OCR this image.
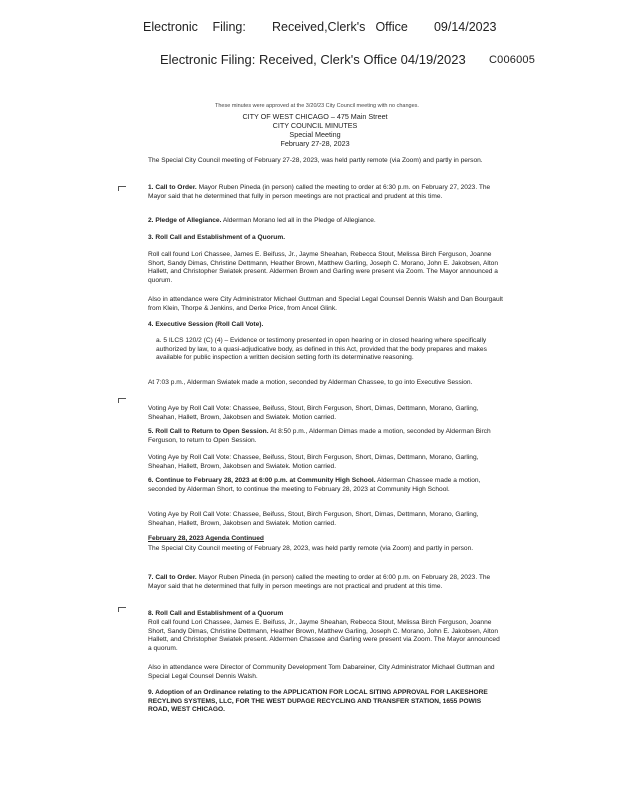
Electronic Filing: Received,Clerk's Office 09/14/2023
Electronic Filing: Received, Clerk's Office 04/19/2023 C006005
These minutes were approved at the 3/20/23 City Council meeting with no changes.
CITY OF WEST CHICAGO – 475 Main Street
CITY COUNCIL MINUTES
Special Meeting
February 27-28, 2023
The Special City Council meeting of February 27-28, 2023, was held partly remote (via Zoom) and partly in person.
1. Call to Order. Mayor Ruben Pineda (in person) called the meeting to order at 6:30 p.m. on February 27, 2023. The Mayor said that he determined that fully in person meetings are not practical and prudent at this time.
2. Pledge of Allegiance. Alderman Morano led all in the Pledge of Allegiance.
3. Roll Call and Establishment of a Quorum.
Roll call found Lori Chassee, James E. Beifuss, Jr., Jayme Sheahan, Rebecca Stout, Melissa Birch Ferguson, Joanne Short, Sandy Dimas, Christine Dettmann, Heather Brown, Matthew Garling, Joseph C. Morano, John E. Jakobsen, Alton Hallett, and Christopher Swiatek present. Aldermen Brown and Garling were present via Zoom. The Mayor announced a quorum.
Also in attendance were City Administrator Michael Guttman and Special Legal Counsel Dennis Walsh and Dan Bourgault from Klein, Thorpe & Jenkins, and Derke Price, from Ancel Glink.
4. Executive Session (Roll Call Vote).
a. 5 ILCS 120/2 (C) (4) – Evidence or testimony presented in open hearing or in closed hearing where specifically authorized by law, to a quasi-adjudicative body, as defined in this Act, provided that the body prepares and makes available for public inspection a written decision setting forth its determinative reasoning.
At 7:03 p.m., Alderman Swiatek made a motion, seconded by Alderman Chassee, to go into Executive Session.
Voting Aye by Roll Call Vote: Chassee, Beifuss, Stout, Birch Ferguson, Short, Dimas, Dettmann, Morano, Garling, Sheahan, Hallett, Brown, Jakobsen and Swiatek. Motion carried.
5. Roll Call to Return to Open Session. At 8:50 p.m., Alderman Dimas made a motion, seconded by Alderman Birch Ferguson, to return to Open Session.
Voting Aye by Roll Call Vote: Chassee, Beifuss, Stout, Birch Ferguson, Short, Dimas, Dettmann, Morano, Garling, Sheahan, Hallett, Brown, Jakobsen and Swiatek. Motion carried.
6. Continue to February 28, 2023 at 6:00 p.m. at Community High School. Alderman Chassee made a motion, seconded by Alderman Short, to continue the meeting to February 28, 2023 at Community High School.
Voting Aye by Roll Call Vote: Chassee, Beifuss, Stout, Birch Ferguson, Short, Dimas, Dettmann, Morano, Garling, Sheahan, Hallett, Brown, Jakobsen and Swiatek. Motion carried.
February 28, 2023 Agenda Continued
The Special City Council meeting of February 28, 2023, was held partly remote (via Zoom) and partly in person.
7. Call to Order. Mayor Ruben Pineda (in person) called the meeting to order at 6:00 p.m. on February 28, 2023. The Mayor said that he determined that fully in person meetings are not practical and prudent at this time.
8. Roll Call and Establishment of a Quorum
Roll call found Lori Chassee, James E. Beifuss, Jr., Jayme Sheahan, Rebecca Stout, Melissa Birch Ferguson, Joanne Short, Sandy Dimas, Christine Dettmann, Heather Brown, Matthew Garling, Joseph C. Morano, John E. Jakobsen, Alton Hallett, and Christopher Swiatek present. Aldermen Chassee and Garling were present via Zoom. The Mayor announced a quorum.
Also in attendance were Director of Community Development Tom Dabareiner, City Administrator Michael Guttman and Special Legal Counsel Dennis Walsh.
9. Adoption of an Ordinance relating to the APPLICATION FOR LOCAL SITING APPROVAL FOR LAKESHORE RECYLING SYSTEMS, LLC, FOR THE WEST DUPAGE RECYCLING AND TRANSFER STATION, 1655 POWIS ROAD, WEST CHICAGO.
